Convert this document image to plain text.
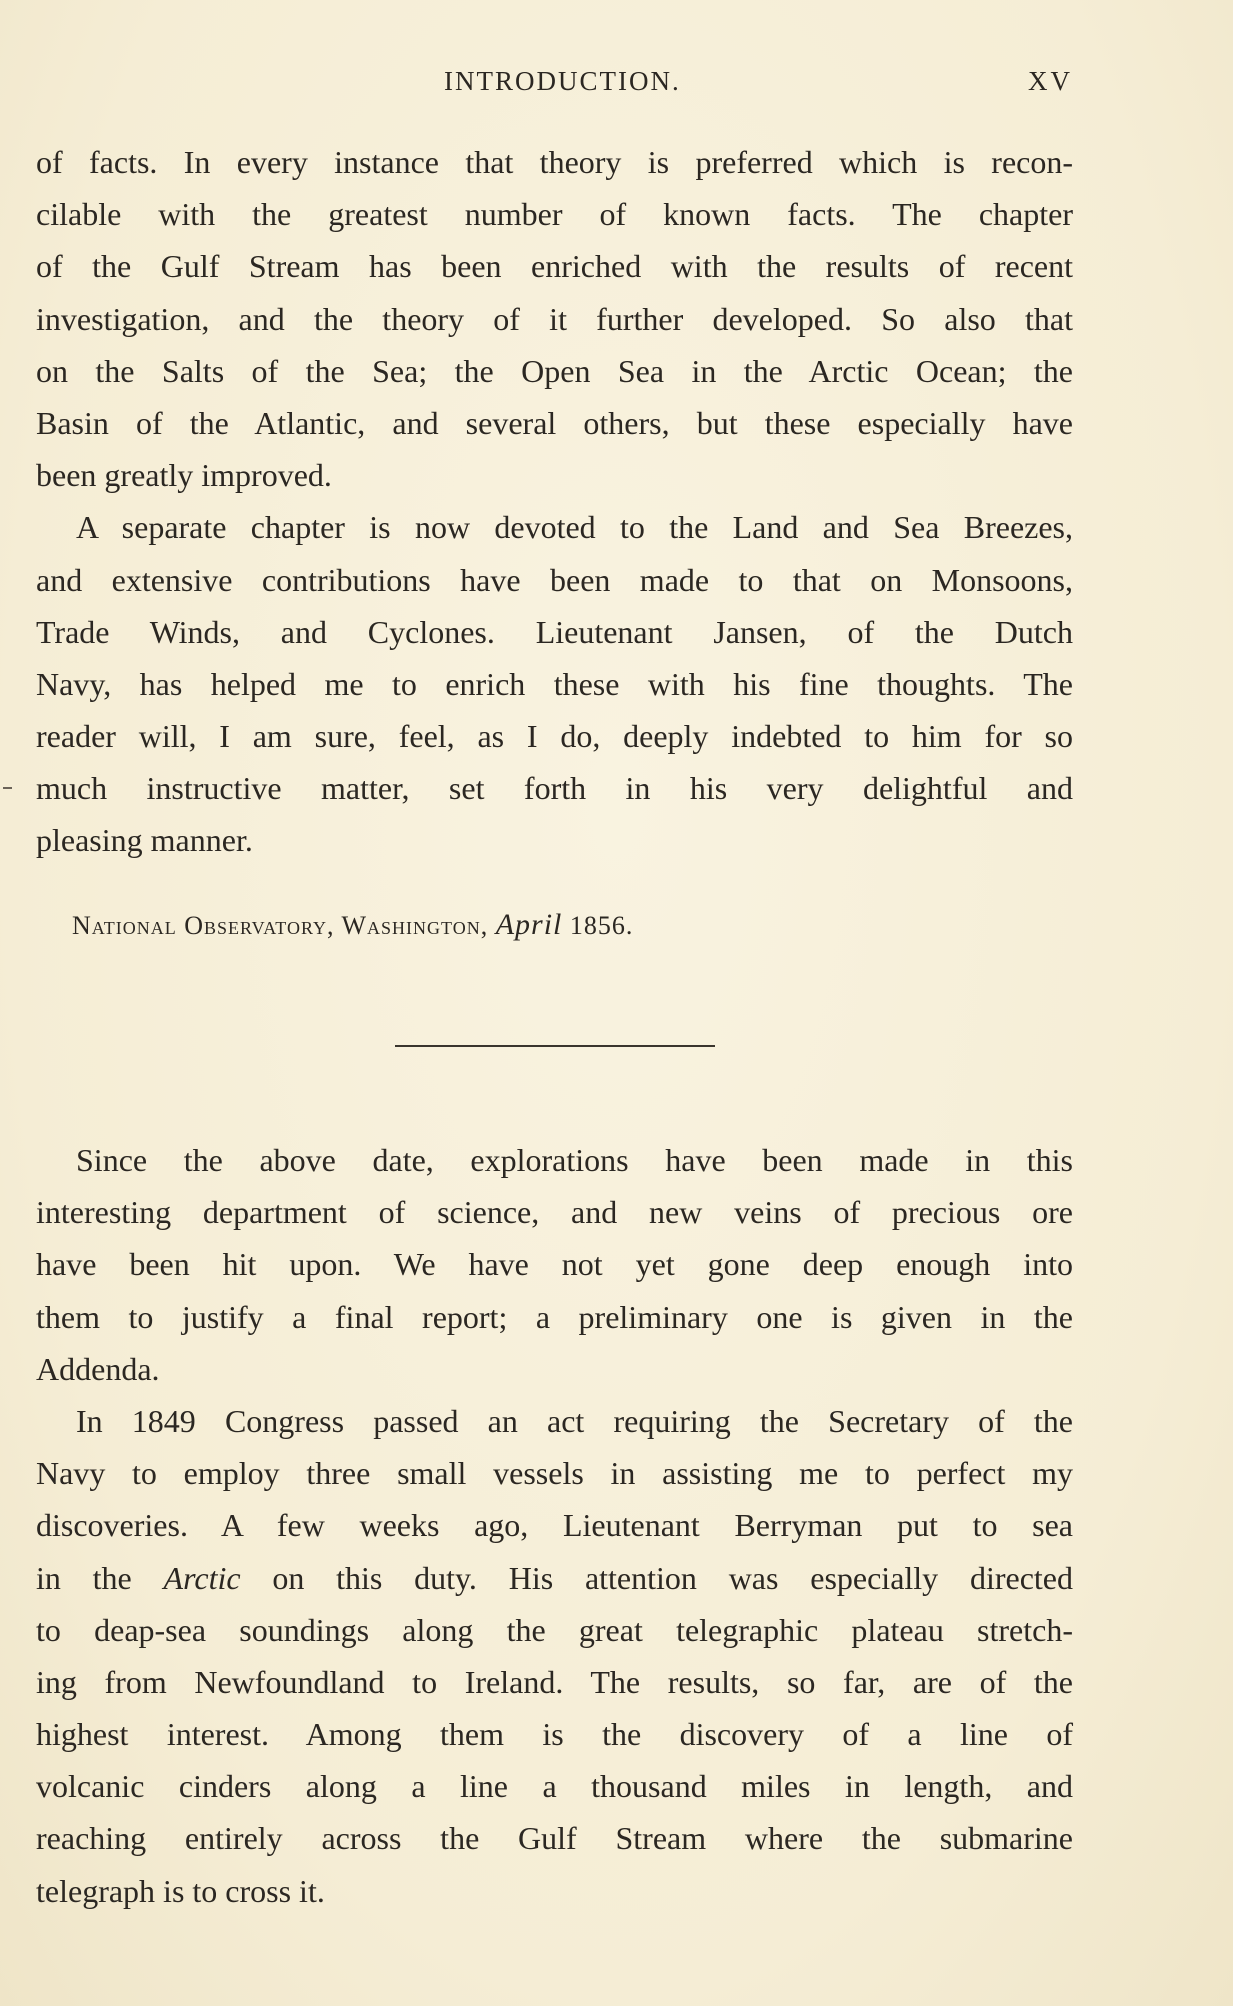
INTRODUCTION.	XV
of facts. In every instance that theory is preferred which is recon-
cilable with the greatest number of known facts. The chapter
of the Gulf Stream has been enriched with the results of recent
investigation, and the theory of it further developed. So also that
on the Salts of the Sea; the Open Sea in the Arctic Ocean; the
Basin of the Atlantic, and several others, but these especially have
been greatly improved.
A separate chapter is now devoted to the Land and Sea Breezes,
and extensive contributions have been made to that on Monsoons,
Trade Winds, and Cyclones. Lieutenant Jansen, of the Dutch
Navy, has helped me to enrich these with his fine thoughts. The
reader will, I am sure, feel, as I do, deeply indebted to him for so
much instructive matter, set forth in his very delightful and
pleasing manner.
National Observatory, Washington, April 1856.
Since the above date, explorations have been made in this
interesting department of science, and new veins of precious ore
have been hit upon. We have not yet gone deep enough into
them to justify a final report; a preliminary one is given in the
Addenda.
In 1849 Congress passed an act requiring the Secretary of the
Navy to employ three small vessels in assisting me to perfect my
discoveries. A few weeks ago, Lieutenant Berryman put to sea
in the Arctic on this duty. His attention was especially directed
to deap-sea soundings along the great telegraphic plateau stretch-
ing from Newfoundland to Ireland. The results, so far, are of the
highest interest. Among them is the discovery of a line of
volcanic cinders along a line a thousand miles in length, and
reaching entirely across the Gulf Stream where the submarine
telegraph is to cross it.
